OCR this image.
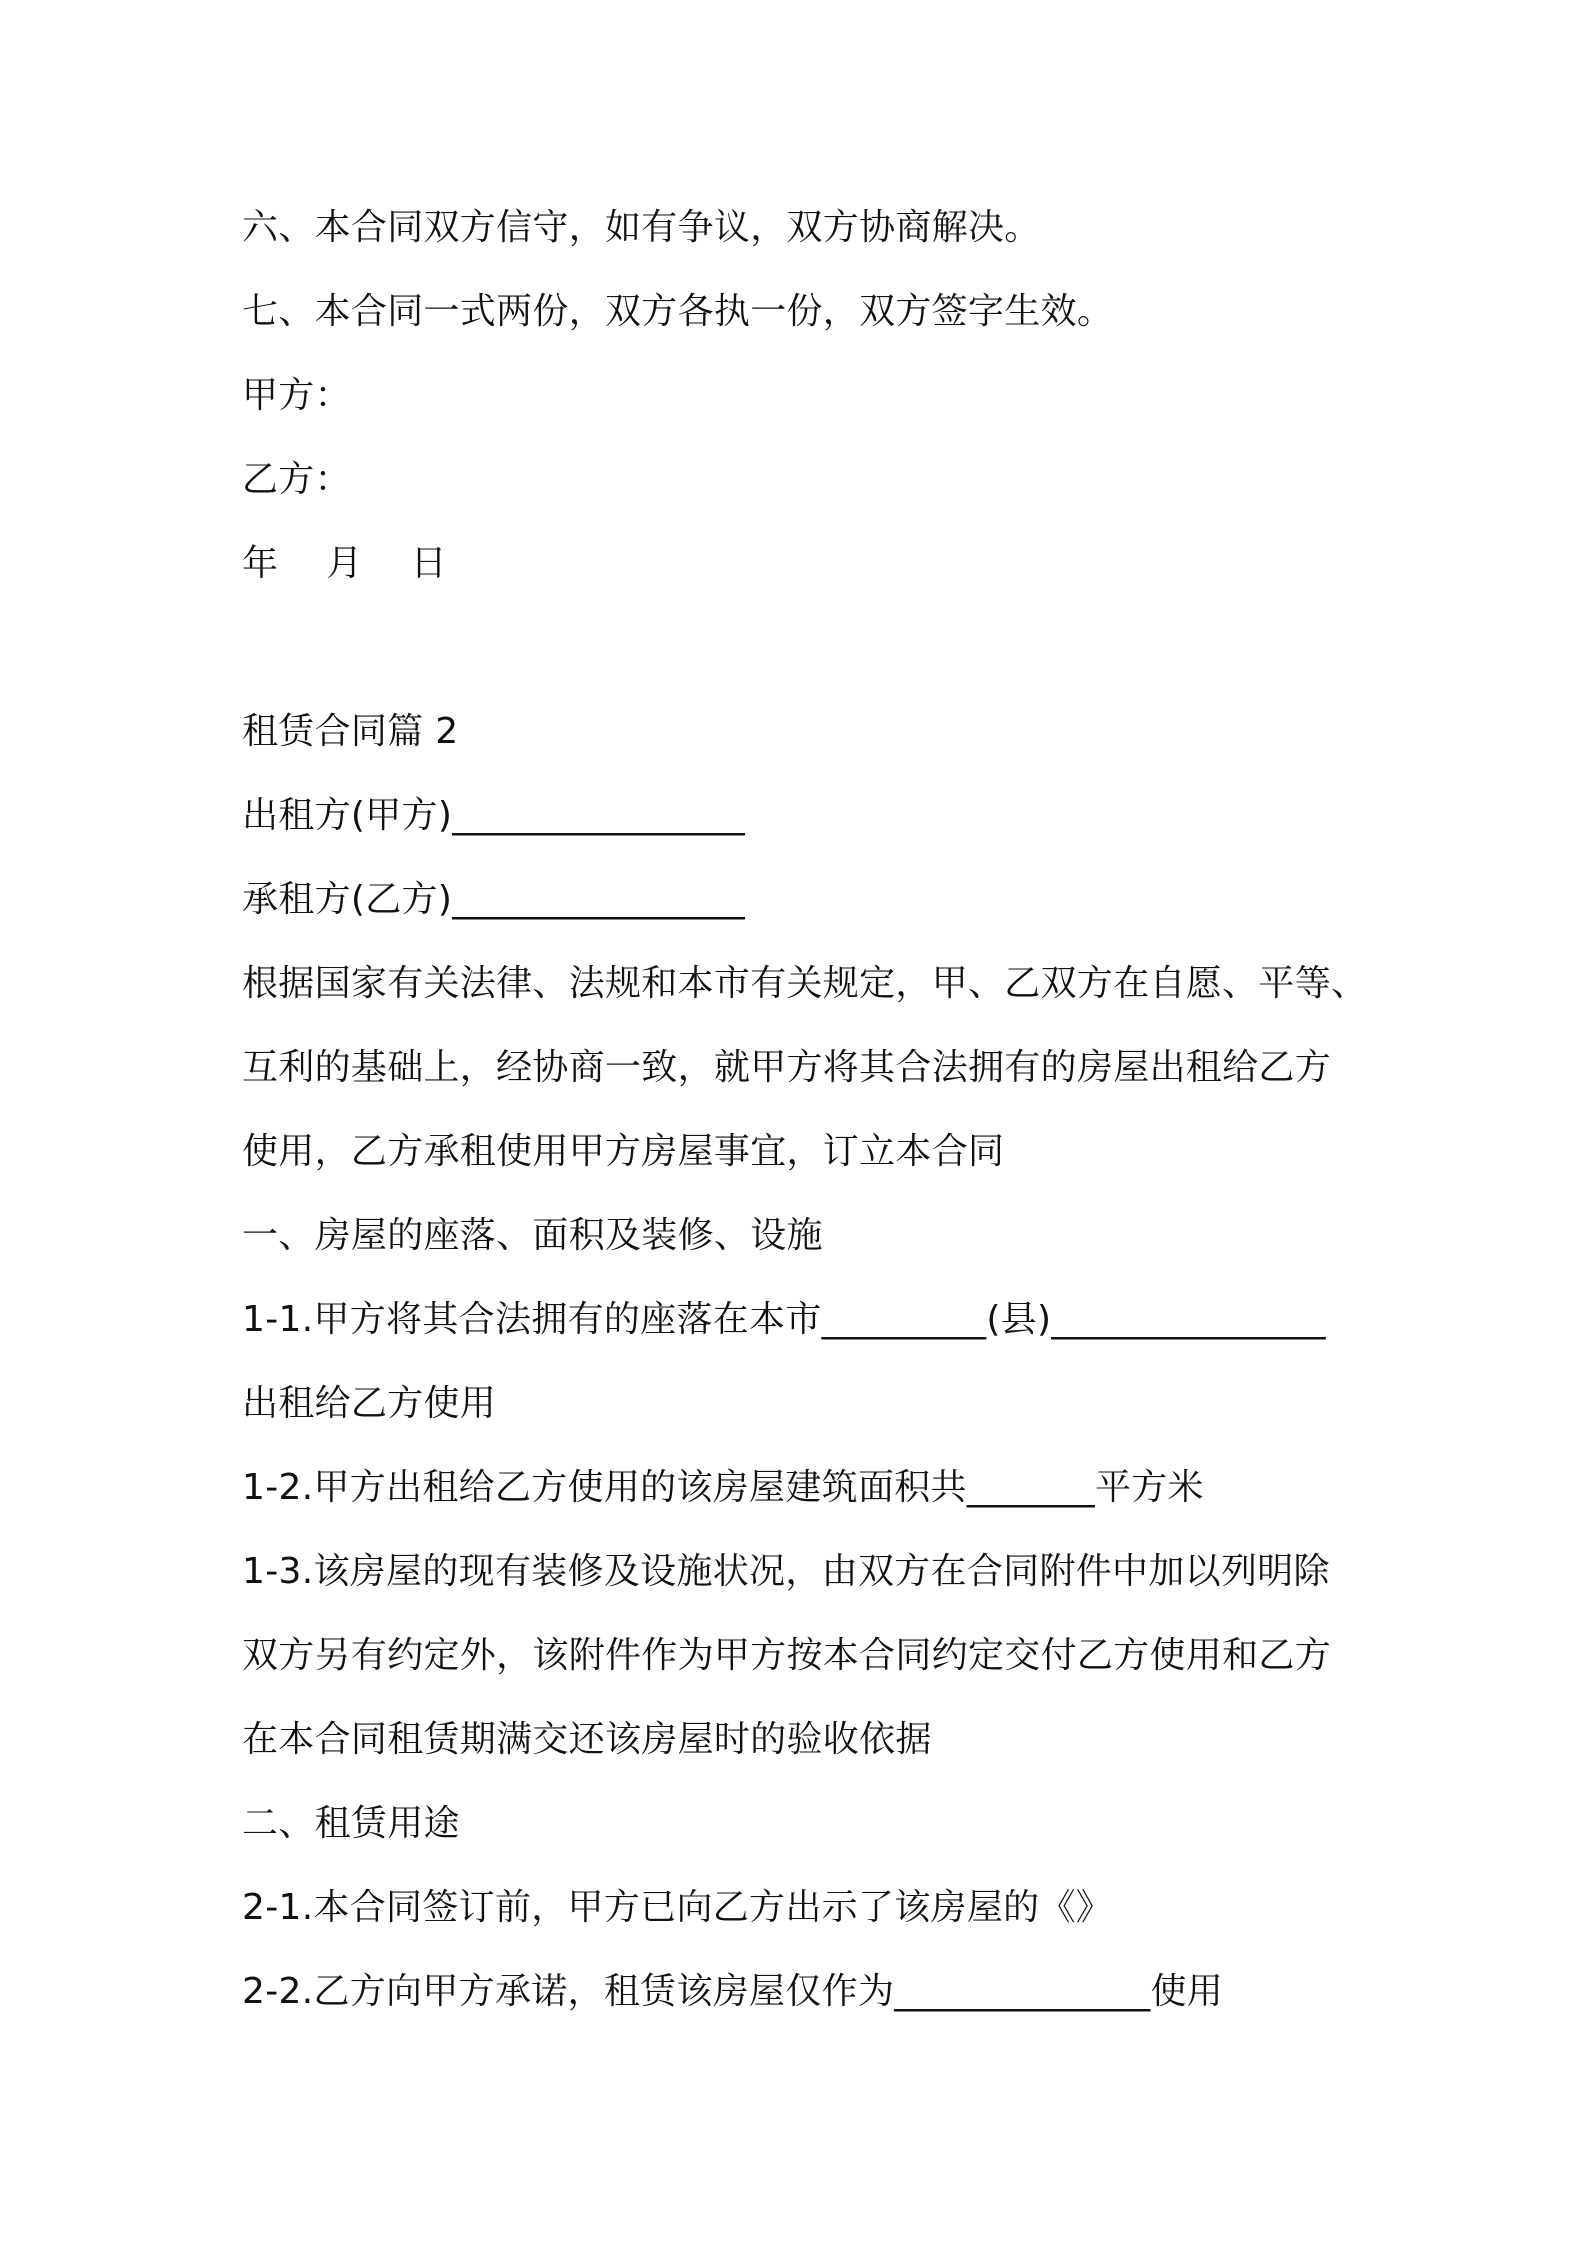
六、本合同双方信守，如有争议，双方协商解决。
七、本合同一式两份，双方各执一份，双方签字生效。
甲方：
乙方：
年　 月　 日
租赁合同篇 2
出租方(甲方)________________
承租方(乙方)________________
根据国家有关法律、法规和本市有关规定，甲、乙双方在自愿、平等、
互利的基础上，经协商一致，就甲方将其合法拥有的房屋出租给乙方
使用，乙方承租使用甲方房屋事宜，订立本合同
一、房屋的座落、面积及装修、设施
1-1.甲方将其合法拥有的座落在本市_________(县)_______________
出租给乙方使用
1-2.甲方出租给乙方使用的该房屋建筑面积共_______平方米
1-3.该房屋的现有装修及设施状况，由双方在合同附件中加以列明除
双方另有约定外，该附件作为甲方按本合同约定交付乙方使用和乙方
在本合同租赁期满交还该房屋时的验收依据
二、租赁用途
2-1.本合同签订前，甲方已向乙方出示了该房屋的《》
2-2.乙方向甲方承诺，租赁该房屋仅作为______________使用
